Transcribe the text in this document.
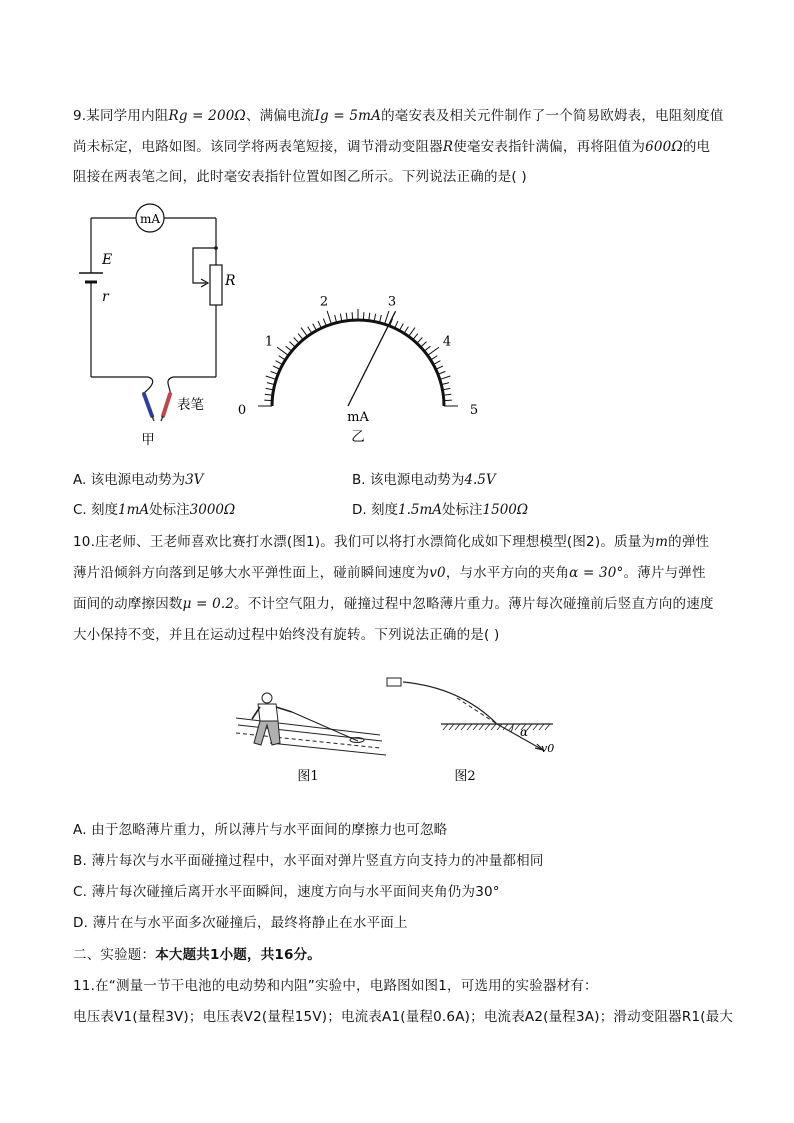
9.某同学用内阻Rg = 200Ω、满偏电流Ig = 5mA的毫安表及相关元件制作了一个简易欧姆表，电阻刻度值
尚未标定，电路如图。该同学将两表笔短接，调节滑动变阻器R使毫安表指针满偏，再将阻值为600Ω的电
阻接在两表笔之间，此时毫安表指针位置如图乙所示。下列说法正确的是( )
mA
E
r
R
表笔
甲
0
1
2	3
4
5
mA
乙
A. 该电源电动势为3V	B. 该电源电动势为4.5V
C. 刻度1mA处标注3000Ω	D. 刻度1.5mA处标注1500Ω
10.庄老师、王老师喜欢比赛打水漂(图1)。我们可以将打水漂简化成如下理想模型(图2)。质量为m的弹性
薄片沿倾斜方向落到足够大水平弹性面上，碰前瞬间速度为v0，与水平方向的夹角α = 30°。薄片与弹性
面间的动摩擦因数μ = 0.2。不计空气阻力，碰撞过程中忽略薄片重力。薄片每次碰撞前后竖直方向的速度
大小保持不变，并且在运动过程中始终没有旋转。下列说法正确的是( )
图1
α
v0
图2
A. 由于忽略薄片重力，所以薄片与水平面间的摩擦力也可忽略
B. 薄片每次与水平面碰撞过程中，水平面对弹片竖直方向支持力的冲量都相同
C. 薄片每次碰撞后离开水平面瞬间，速度方向与水平面间夹角仍为30°
D. 薄片在与水平面多次碰撞后，最终将静止在水平面上
二、实验题：本大题共1小题，共16分。
11.在“测量一节干电池的电动势和内阻”实验中，电路图如图1，可选用的实验器材有：
电压表V1(量程3V)；电压表V2(量程15V)；电流表A1(量程0.6A)；电流表A2(量程3A)；滑动变阻器R1(最大
